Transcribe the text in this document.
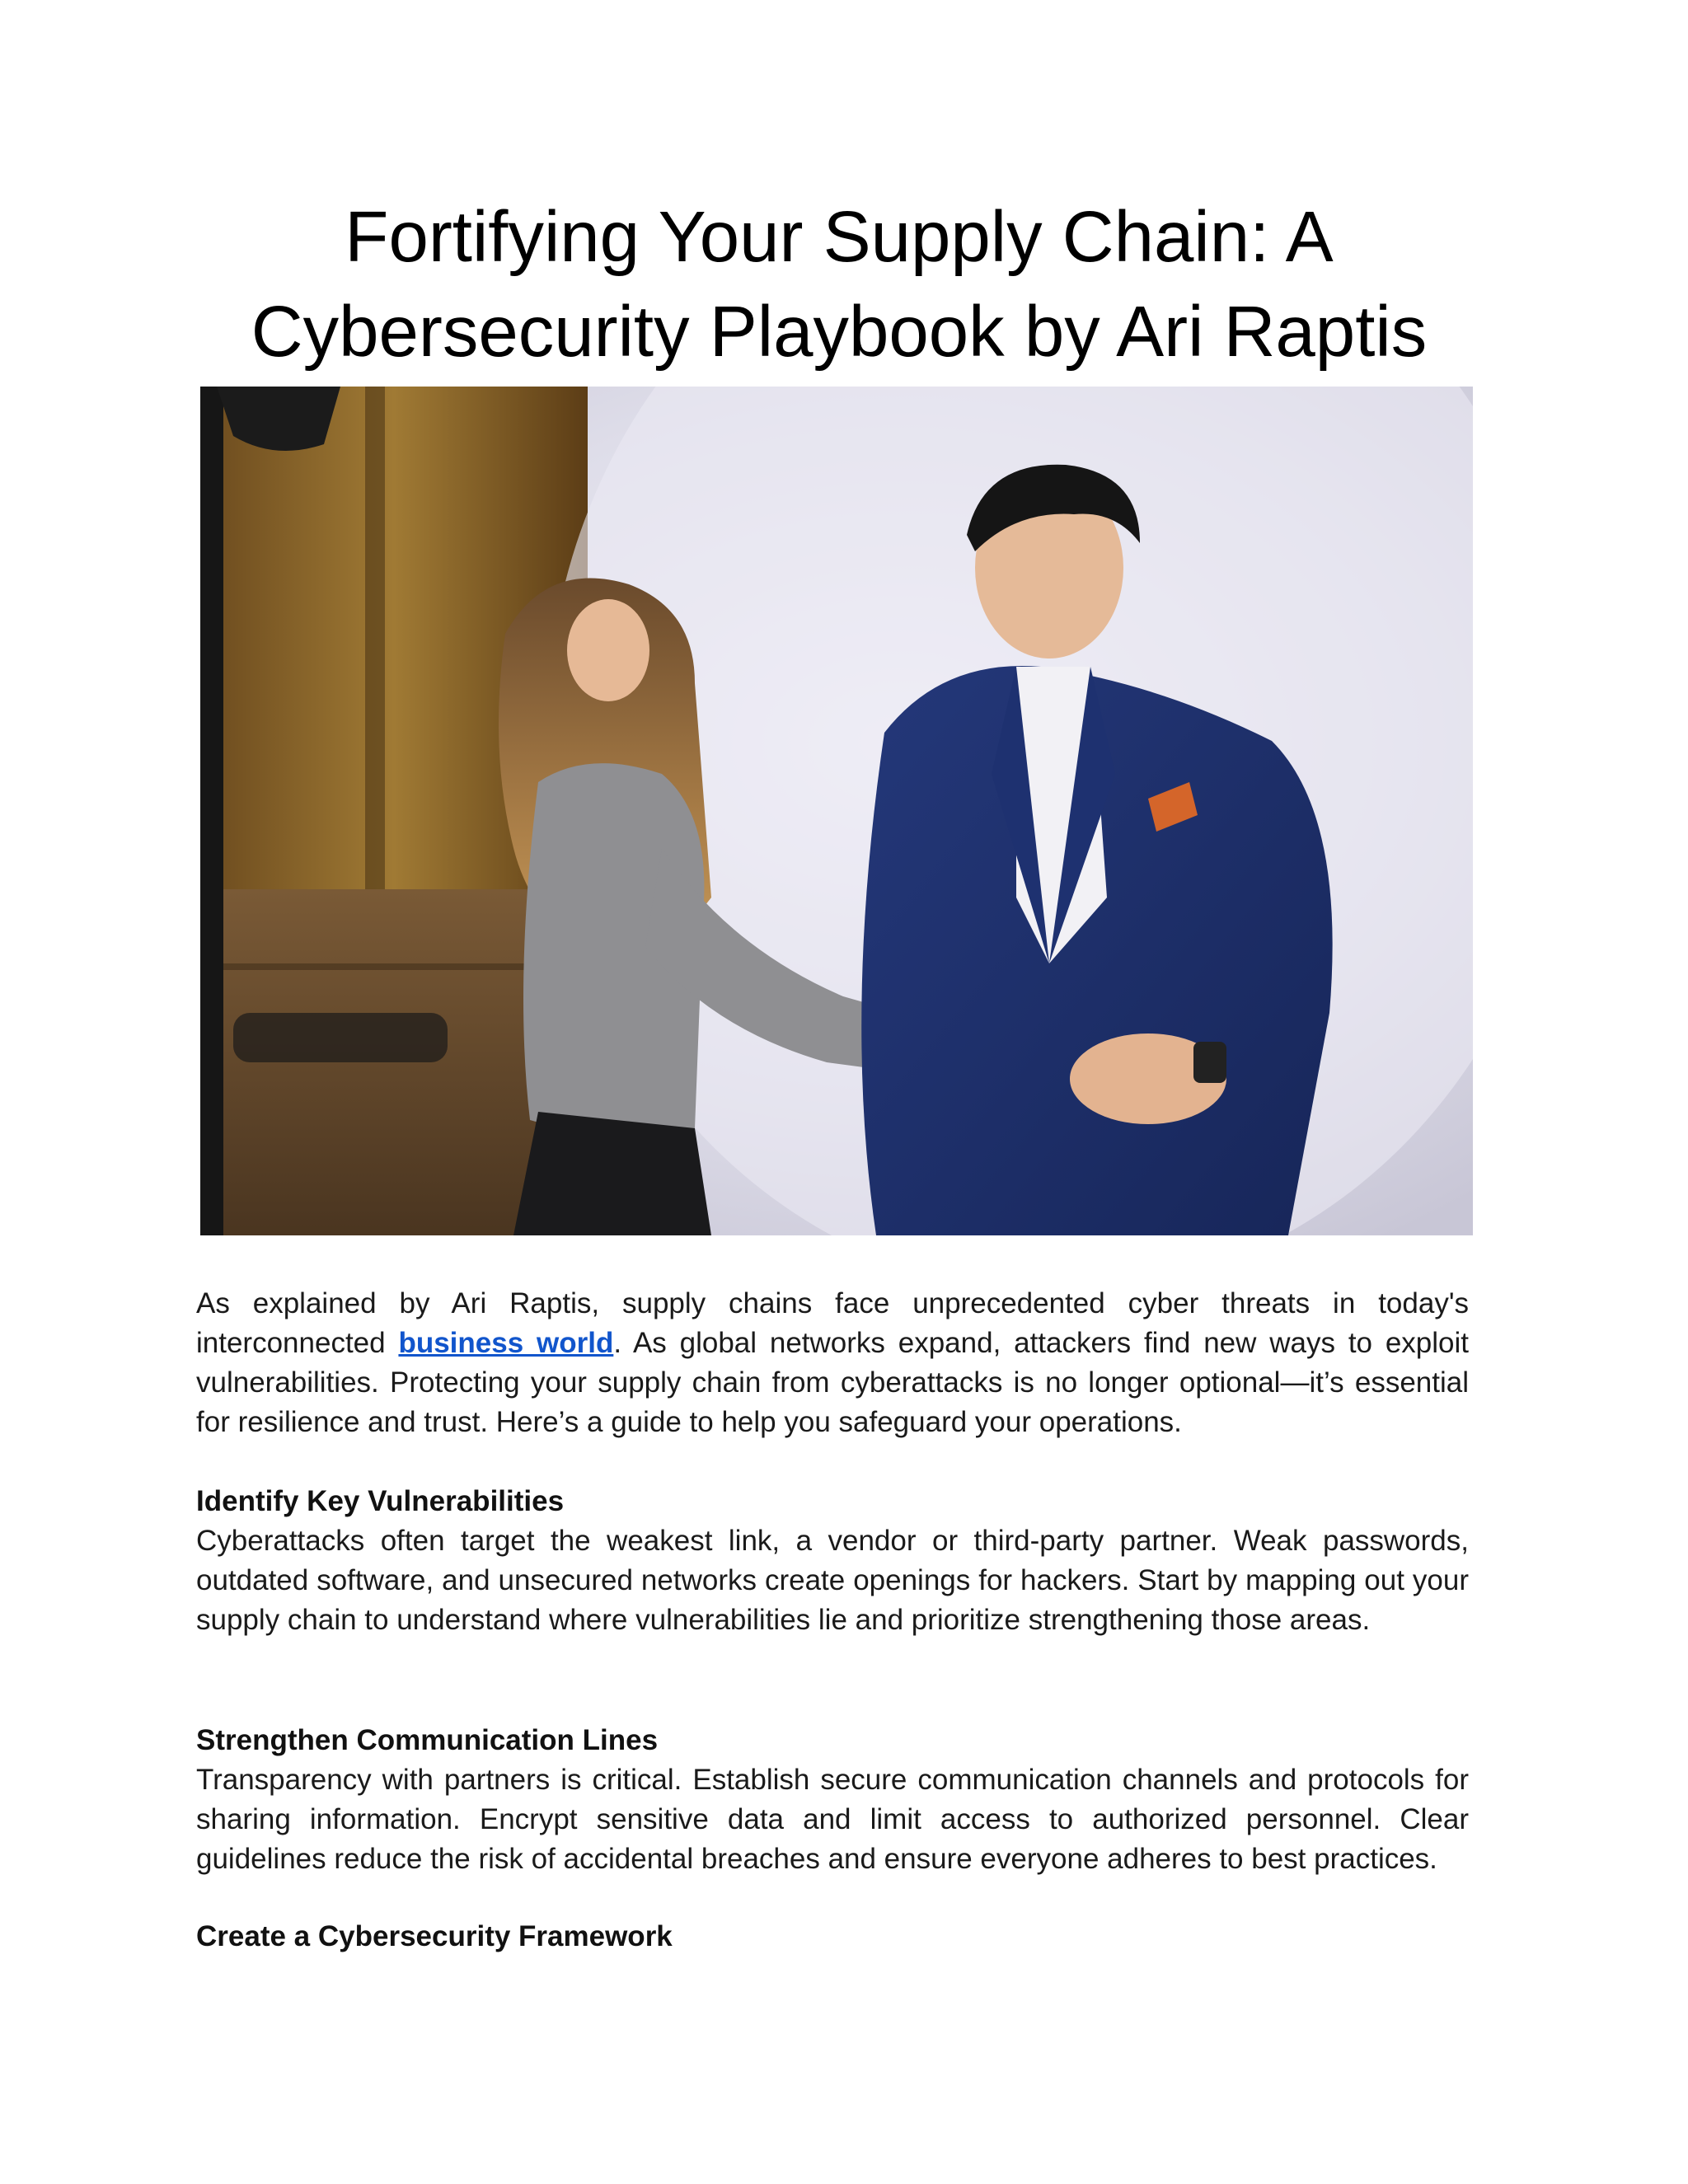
Fortifying Your Supply Chain: A
Cybersecurity Playbook by Ari Raptis
As explained by Ari Raptis, supply chains face unprecedented cyber threats in today's interconnected business world. As global networks expand, attackers find new ways to exploit vulnerabilities. Protecting your supply chain from cyberattacks is no longer optional—it’s essential for resilience and trust. Here’s a guide to help you safeguard your operations.
Identify Key Vulnerabilities
Cyberattacks often target the weakest link, a vendor or third-party partner. Weak passwords, outdated software, and unsecured networks create openings for hackers. Start by mapping out your supply chain to understand where vulnerabilities lie and prioritize strengthening those areas.
Strengthen Communication Lines
Transparency with partners is critical. Establish secure communication channels and protocols for sharing information. Encrypt sensitive data and limit access to authorized personnel. Clear guidelines reduce the risk of accidental breaches and ensure everyone adheres to best practices.
Create a Cybersecurity Framework
